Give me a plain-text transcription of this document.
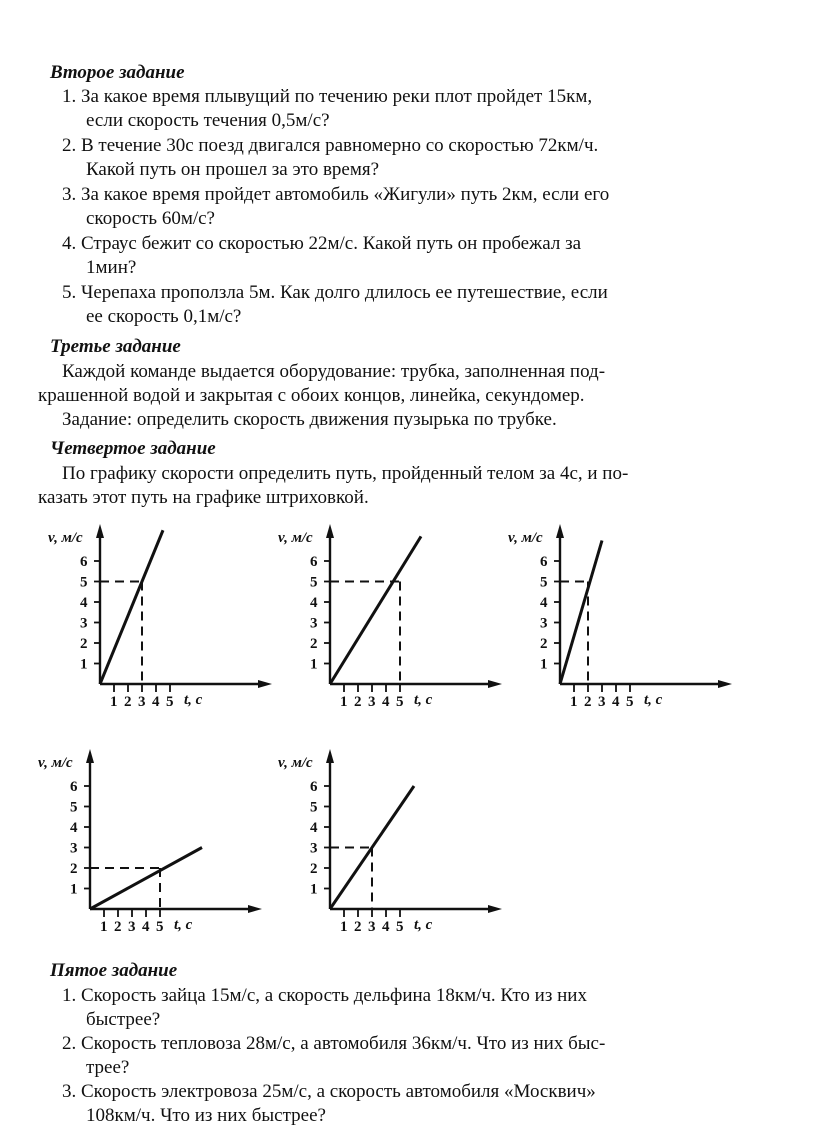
Второе задание
1. За какое время плывущий по течению реки плот пройдет 15км,
если скорость течения 0,5м/с?
2. В течение 30с поезд двигался равномерно со скоростью 72км/ч.
Какой путь он прошел за это время?
3. За какое время пройдет автомобиль «Жигули» путь 2км, если его
скорость 60м/с?
4. Страус бежит со скоростью 22м/с. Какой путь он пробежал за
1мин?
5. Черепаха проползла 5м. Как долго длилось ее путешествие, если
ее скорость 0,1м/с?
Третье задание
Каждой команде выдается оборудование: трубка, заполненная под-
крашенной водой и закрытая с обоих концов, линейка, секундомер.
Задание: определить скорость движения пузырька по трубке.
Четвертое задание
По графику скорости определить путь, пройденный телом за 4с, и по-
казать этот путь на графике штриховкой.
v, м/с
t, с
1
2
3
4
5
6
1 2 3 4 5
v, м/с
t, с
1
2
3
4
5
6
1 2 3 4 5
v, м/с
t, с
1
2
3
4
5
6
1 2 3 4 5
v, м/с
t, с
1
2
3
4
5
6
1 2 3 4 5
v, м/с
t, с
1
2
3
4
5
6
1 2 3 4 5
Пятое задание
1. Скорость зайца 15м/с, а скорость дельфина 18км/ч. Кто из них
быстрее?
2. Скорость тепловоза 28м/с, а автомобиля 36км/ч. Что из них быс-
трее?
3. Скорость электровоза 25м/с, а скорость автомобиля «Москвич»
108км/ч. Что из них быстрее?
